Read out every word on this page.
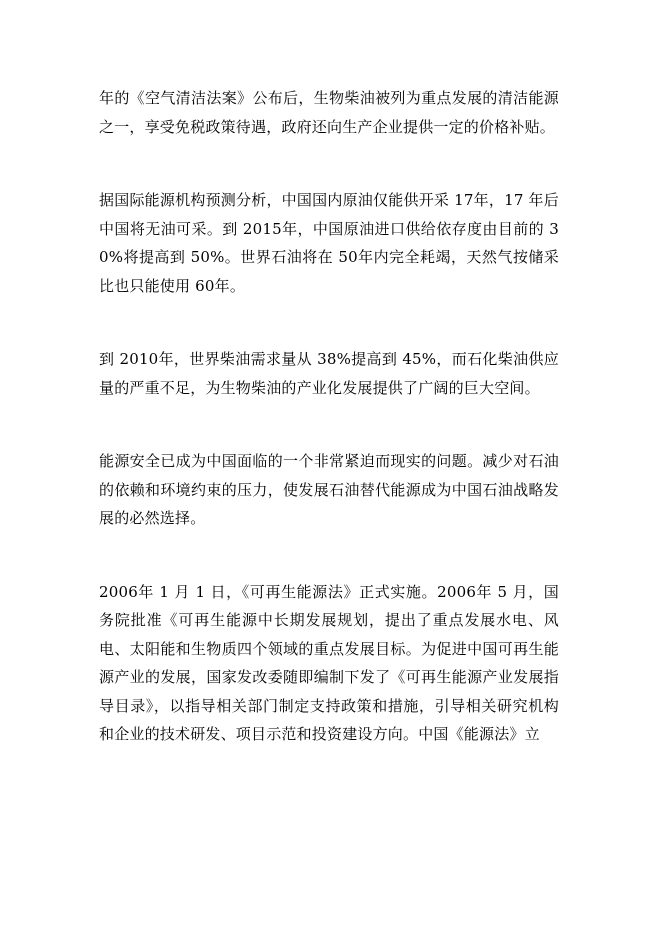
年的《空气清洁法案》公布后，生物柴油被列为重点发展的清洁能源之一，享受免税政策待遇，政府还向生产企业提供一定的价格补贴。

据国际能源机构预测分析，中国国内原油仅能供开采 17年，17 年后中国将无油可采。到 2015年，中国原油进口供给依存度由目前的 30%将提高到 50%。世界石油将在 50年内完全耗竭，天然气按储采比也只能使用 60年。

到 2010年，世界柴油需求量从 38%提高到 45%，而石化柴油供应量的严重不足，为生物柴油的产业化发展提供了广阔的巨大空间。

能源安全已成为中国面临的一个非常紧迫而现实的问题。减少对石油的依赖和环境约束的压力，使发展石油替代能源成为中国石油战略发展的必然选择。

2006年 1 月 1 日，《可再生能源法》正式实施。2006年 5 月，国务院批准《可再生能源中长期发展规划，提出了重点发展水电、风电、太阳能和生物质四个领域的重点发展目标。为促进中国可再生能源产业的发展，国家发改委随即编制下发了《可再生能源产业发展指导目录》，以指导相关部门制定支持政策和措施，引导相关研究机构和企业的技术研发、项目示范和投资建设方向。中国《能源法》立
